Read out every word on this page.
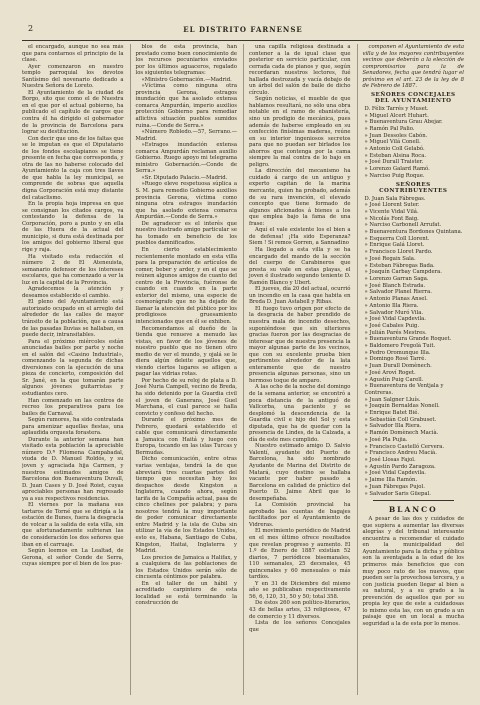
2	EL DISTRITO FARNENSE

el encargado, aunque no sea más que para contarnos el principio de la clase.

Ayer comenzaron en nuestro templo parroquial los devotos Santísimo del novenario dedicado a Nuestra Señora de Loreto.

El Ayuntamiento de la ciudad de Borgo, sito que como el de Nuestra en el que por el actual gobierno, ha publicado el capítulo de cargos que contra él ha dirigido el gobernador de la provincia de Barcelona para lograr su destitución.

Con decir que uno de los faltas que se le imputan es que el Diputatario de los fondos escolapianos se tiene presente en fecha que corresponda, y otra de las no haberse colocado del Ayuntamiento la caja con tres llaves de que habla la ley municipal, se comprende de sobras que aquella digna Corporación está muy distante del cataclismo.

En la propia hoja impresa en que se consignan los citados cargos, va contestando la defensa de la Corporación, poro a punto y en ella de las Huera de la actual del municipio, si dura está destinada por los amigos del gobierno liberal que rige y raja.

Ha visitado esta redacción el número 2 de El Ateneuista, semanario defensor de los intereses escolares, que ha comenzado a ver la luz en la capital de la Provincia.

Agradecemos la atención y deseamos establecido el cambio.

El pleno del Ayuntamiento está autorizado ocupado en el arreglo del alrededor de las calles de mayor tránsito de la población, que a causa de las pasadas lluvias se hallaban, en puede decir, intransitables.

Para el próximo miércoles están anunciadas bailes por parte y noche en el salón del «Casino Industrial», comenzando la segunda de dichas diversiones con la ejecución de una pieza de concierto, composición del Sr. Jané, en la que tomarán parte algunos jóvenes guitarristas y estudiantes cero.

Han comenzado en las centros de recreo los preparativos para los bailes de Carnaval.

Según rumores, ha sido contratada para amenizar aquellas fiestas, una aplaudida orquesta forastera.

Durante la anterior semana han visitado esta población la apreciable número D.ª Filomena Campabadal, viuda de D. Manuel Roldós, y su joven y agraciada hija Carmen, y nuestros estimados amigos de Barcelona don Buenaventura Duvall, D. Juan Cases y D. José Roiet, cuyas apreciables personas han regresado ya a sus respectivos residencias.

El viernes por la mañana sus tartaros de Torné que se dirigía a la estación de Bunes, fuera la desgracia de volcar a la salida de esta villa, sin que afortunadamente sufrieran las de consideración los dos señores que iban en el carruaje.

Según leemos en La Lealtad, de Gerona, el señor Conde de Serra, cuyas siempre por el bien de los pue-

blos de esta provincia, han prestado como buen conocimiento de los recursos pecuniarios enviados por los últimos aguaceros, regalado los siguientes telegramas:

«Ministro Gobernación.—Madrid.

»Víctima como ninguna otra provincia Gerona, estragos inundación que ha asolado extensa comarca Ampurdán, imperio auxilios protección Gobierno para remediar aflictiva situación pueblos sumidos ruina.—Conde de Serra.»

«Número Robledo.—57, Serrano.—Madrid.

»Estragos inundación extensa comarca Ampurdán reclaman auxilio Gobierno. Ruego apoyo mi telegrama ministro Gobernación.—Conde de Serra.»

«Sr. Diputado Palacio.—Madrid.

»Ruego eleve respetuosa súplica a S. M. para remedio Gobierno auxilios provincia Gerona, víctima como ninguna otra estragos inundación que ha asolado extensa comarca Ampurdán.—Conde de Serra.»

De agradecer es el interés que nuestro ilustrado amigo particular se ha tomado en beneficio de los pueblos damnificados.

En cierto establecimiento recientemente montado en esta villa para la preparación de artículos de comer, beber y arder, y en el que se reúnen algunos amigos de cuanto del centro de la Provincia, fuéronse de cuando en cuando en la parte exterior del mismo, una especie de cosmorágrafo que no ha dejado de llamar la atención del público por los prodigiosos gruesamiento intencionados que en él se exhiben.

Recomendamos al dueño de la tienda que renueve a menudo las vistas, en favor de los jóvenes de nuestro pueblo que no tienen otro medio de ver el mundo, y ojalá se le diera algún deleite aquellos que, viendo ciertos lugares se afligen a pagar las vidrias rotas.

Por hecho de su reloj de plata a D. José Nuria Campell, vecino de Breda, ha sido detenido por la Guardia civil el joven de Ganerans, José Guel Marchana, el cual parece se halla convicto y confeso del hecho.

Durante el próximo mes de Febrero, quedará establecido el cable que comunicará directamente a Jamaica con Haitá y luego con Europa, tocando en las islas Turcas y Bermudas.

Dicho comunicación, entre otras varias ventajas, tendrá la de que abreviará tres cuartas partes del tiempo que necesitan hoy los despachos desde Kingston a Inglaterra, cuando ahora, según tarifa de la Compañía actual, pasa de cinco chelines por palabra; y para nosotros tendrá la muy importante de poder comunicar directamente entre Madrid y la isla de Cuba sin utilizar la vía de los Estados Unidos, esto es, Habana, Santiago de Cuba, Kingston, Haitai, Inglaterra y Madrid.

Los precios de Jamaica a Halifax, y a cualquiera de las poblaciones de los Estados Unidos serán sólo de cincuenta céntimos por palabra.

En el taller de un hábil y acreditado carpintero de esta localidad se está terminando la construcción de

una capilla religiosa destinada a contener a la de igual clase que posterior en servicio particular, con cerrada cada de pianos y que, según recordaran nuestros lectores, fué hallada destrozada y vacía debajo de un árbol del salón de baile de dicho círculo.

Según noticias, el mueble de que hablamos resultará, no sólo una obra notable en el ramo de ebanistería, sino un prodigio de mecánica, pues además de haberse empleado en su confección finísimas maderas, reúne en su interior ingeniosos secretos para que no puedan ser birlados los ahorros que contenga por la cama siempre la mal contra de lo bajo en peligro.

La dirección del mecanismo ha cuidado á cargo de un antiguo y experto capitán de la marina mercante, quien ha probado, además de su rara invención, el elevado concepto que tiene formado de algunos aficionados á bienes a los que emplea bajo la fama de una frase:

Aquí el vale existente los el bien a de defensa! ¡Ha sido Esperanza? Siem ! Si remos Gorren, a Sannadino

Ha llegado a esta villa y se ha encargado del mando de la sección del cuerpo de Carabineros que presta su vale en estas playas, el joven é ilustrado segundo teniente D. Ramón Blanco y Ubert.

El jueves, día 20 del actual, ocurrió un incendio en la casa que habita en Breda D. Juan Astabell y Ribas.

El fuego tuvo origen por efecto de la desgracia de haber prendido de nuestra mala de incendio desechos, suponiéndose que sin ulteriores gracias fueron por las desgracias de interesar que de nuestra presencia la mayor algunas parte de los vecinos, que con su excelente prueba bien pertinentes alrededor de la lata enteramente que de nuestro presencia algunas personas, sino un hermoso toque de amparo.

A las ocho de la noche del domingo de la semana anterior, se encontró a poca distancia de la antiguó de Vallcorba, una paciente y se desplomó la descendencia de la Guardia civil e hijo del Sol y esta diputada, que ha de quedar con la presencia de Lindes, de la Calzada, a día de este mes cumplido.

Nuestro estimado amigo D. Salvio Valentí, ayudante del Puerto de Barcelona, ha sido nombrado Ayudante de Marina del Distrito de Matará, cuyo destino se hallaba vacante por haber pasado a Barcelona en calidad de práctico del Puerto D. Jaime Abril que lo desempeñaba.

La Comisión provincial ha aprobado las cuentas de bagajes facilitados por el Ayuntamiento de Vidreras.

El movimiento periódico de Madrid en el mes último ofrece resultados que revelan progreso y aumento. El 1.º de Enero de 1887 existían 52 diarios, 7 periódicos bisemanales, 110 semanales, 25 decenales, 45 quincenales y 60 mensuales o más tardíos.

Y en 31 de Diciembre del mismo año se publicaban respectivamente 56, 6, 120, 31, 50 y 50; total 358.

De éstos 260 son político-literarios, 43 de bellas artes, 33 religiosos, 47 de comercio y 11 diversos.

Lista de los señores Concejales que

componen el Ayuntamiento de esta villa y de los mayores contribuyentes vecinos que deberán a la elección de compromisarios para la de Senadores, fecha que tendrá lugar el próximo en el art. 23 de la ley de 8 de Febrero de 1887.

SEÑORES CONCEJALES DEL AYUNTAMIENTO
D. Félix Tarrés y Muset.
» Miguel Alcert Huhart.
» Buenaventura Grau Abejar.
» Ramón Pal Palio.
» Juan Dessoles Cabón.
» Miguel Vilá Conell.
» Antonio Coll Gelabó.
» Esteban Alsina Roca.
» José Durall Traister.
» Lorenzo Galard Ramó.
» Narciso Puig Roque.
SEÑORES CONTRIBUYENTES
D. Juan Sala Fábregas.
» José Llorent Suter.
» Vicente Vidal Vilá.
» Nicolás Font Baig.
» Narciso Carbonell Arrufat.
» Buenaventura Bordones Quintana.
» Esquerra Coll Llorent.
» Enrique Galá Lloret.
» Francisco Lloret Pardo.
» José Regaix Sala.
» Esteban Fábregas Bada.
» Joaquín Carbay Campdera.
» Lorenzo Garran Saga.
» José Blanch Estrada.
» Salvador Planel Rierra.
» Antonio Planas Ansel.
» Antonio Illa Riera.
» Salvador Muró Vila.
» José Vidal Capdevila.
» José Cabales Puig.
» Julián Parés Mestres.
» Buenaventura Grande Roquet.
» Baldomero Fregolà Tuit.
» Pedro Oromunque Illa.
» Domingo Rosé Tarré.
» Juan Durall Domènech.
» José Aroví Roget.
» Agustín Puig Carell.
» Buenaventura de Ventjala y Contreras.
» Juan Salgner Lluís.
» Joaquín Bernaldas Nonell.
» Enrique Batet Bié.
» Sebastián Coll Grabuset.
» Salvador Illa Riera.
» Ramón Domènech Macià.
» José Pla Pujia.
» Francisco Castelló Cervera.
» Francisco Andreu Macià.
» José Llosas Fajol.
» Agustín Pardo Zaragoza.
» José Vidal Capdevila.
» Jaime Illa Ramón.
» Juan Fábregas Pujol.
» Salvador Saris Güepal.
BLANCO

A pesar de las dos y cuidados de que supiera a aumentar las diversas alegrías y del tribunal interesante encuentra a recomendar el cuidado en la municipalidad del Ayuntamiento para la dicha y pública son la aventajada a la edad de los primeros más beneficios que con muy poco rato de los nuevos, que pueden ser la provechosa tercera, y a con justicia pueden llegar al bien a su natural, y a su grado a la prevención de aquellos que por su propia ley que de este a cuidadosas lo mismo esta las, con un grado a un paisaje que en un local a mucha seguridad a la de esta por lo menos.
